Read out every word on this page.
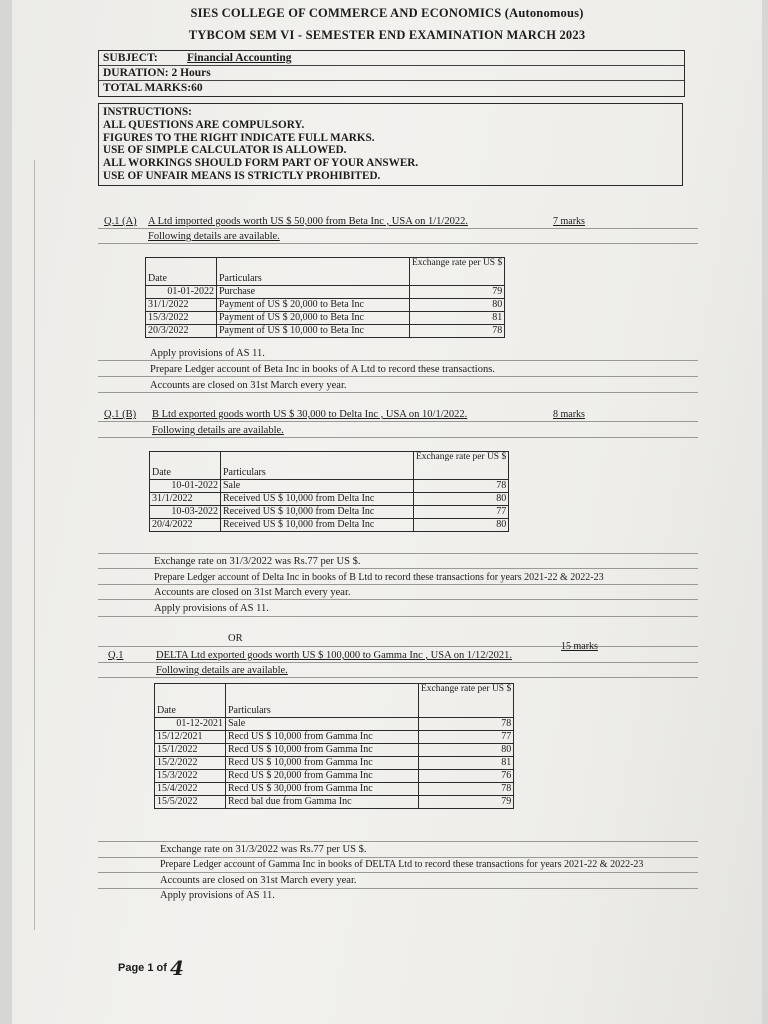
SIES COLLEGE OF COMMERCE AND ECONOMICS (Autonomous)
TYBCOM SEM VI - SEMESTER END EXAMINATION MARCH 2023
SUBJECT:	Financial Accounting
DURATION: 2 Hours
TOTAL MARKS:60
INSTRUCTIONS:
ALL QUESTIONS ARE COMPULSORY.
FIGURES TO THE RIGHT INDICATE FULL MARKS.
USE OF SIMPLE CALCULATOR IS ALLOWED.
ALL WORKINGS SHOULD FORM PART OF YOUR ANSWER.
USE OF UNFAIR MEANS IS STRICTLY PROHIBITED.
Q.1 (A) A Ltd imported goods worth US $ 50,000 from Beta Inc , USA on 1/1/2022.	7 marks
Following details are available.
Date	Particulars	Exchange rate per US $
01-01-2022	Purchase	79
31/1/2022	Payment of US $ 20,000 to Beta Inc	80
15/3/2022	Payment of US $ 20,000 to Beta Inc	81
20/3/2022	Payment of US $ 10,000 to Beta Inc	78
Apply provisions of AS 11.
Prepare Ledger account of Beta Inc in books of A Ltd to record these transactions.
Accounts are closed on 31st March every year.
Q.1 (B) B Ltd exported goods worth US $ 30,000 to Delta Inc , USA on 10/1/2022.	8 marks
Following details are available.
Date	Particulars	Exchange rate per US $
10-01-2022	Sale	78
31/1/2022	Received US $ 10,000 from Delta Inc	80
10-03-2022	Received US $ 10,000 from Delta Inc	77
20/4/2022	Received US $ 10,000 from Delta Inc	80
Exchange rate on 31/3/2022 was Rs.77 per US $.
Prepare Ledger account of Delta Inc in books of B Ltd to record these transactions for years 2021-22 & 2022-23
Accounts are closed on 31st March every year.
Apply provisions of AS 11.
OR
Q.1	DELTA Ltd exported goods worth US $ 100,000 to Gamma Inc , USA on 1/12/2021.
15 marks
Following details are available.
Date	Particulars	Exchange rate per US $
01-12-2021	Sale	78
15/12/2021	Recd US $ 10,000 from Gamma Inc	77
15/1/2022	Recd US $ 10,000 from Gamma Inc	80
15/2/2022	Recd US $ 10,000 from Gamma Inc	81
15/3/2022	Recd US $ 20,000 from Gamma Inc	76
15/4/2022	Recd US $ 30,000 from Gamma Inc	78
15/5/2022	Recd bal due from Gamma Inc	79
Exchange rate on 31/3/2022 was Rs.77 per US $.
Prepare Ledger account of Gamma Inc in books of DELTA Ltd to record these transactions for years 2021-22 & 2022-23
Accounts are closed on 31st March every year.
Apply provisions of AS 11.
Page 1 of 4
